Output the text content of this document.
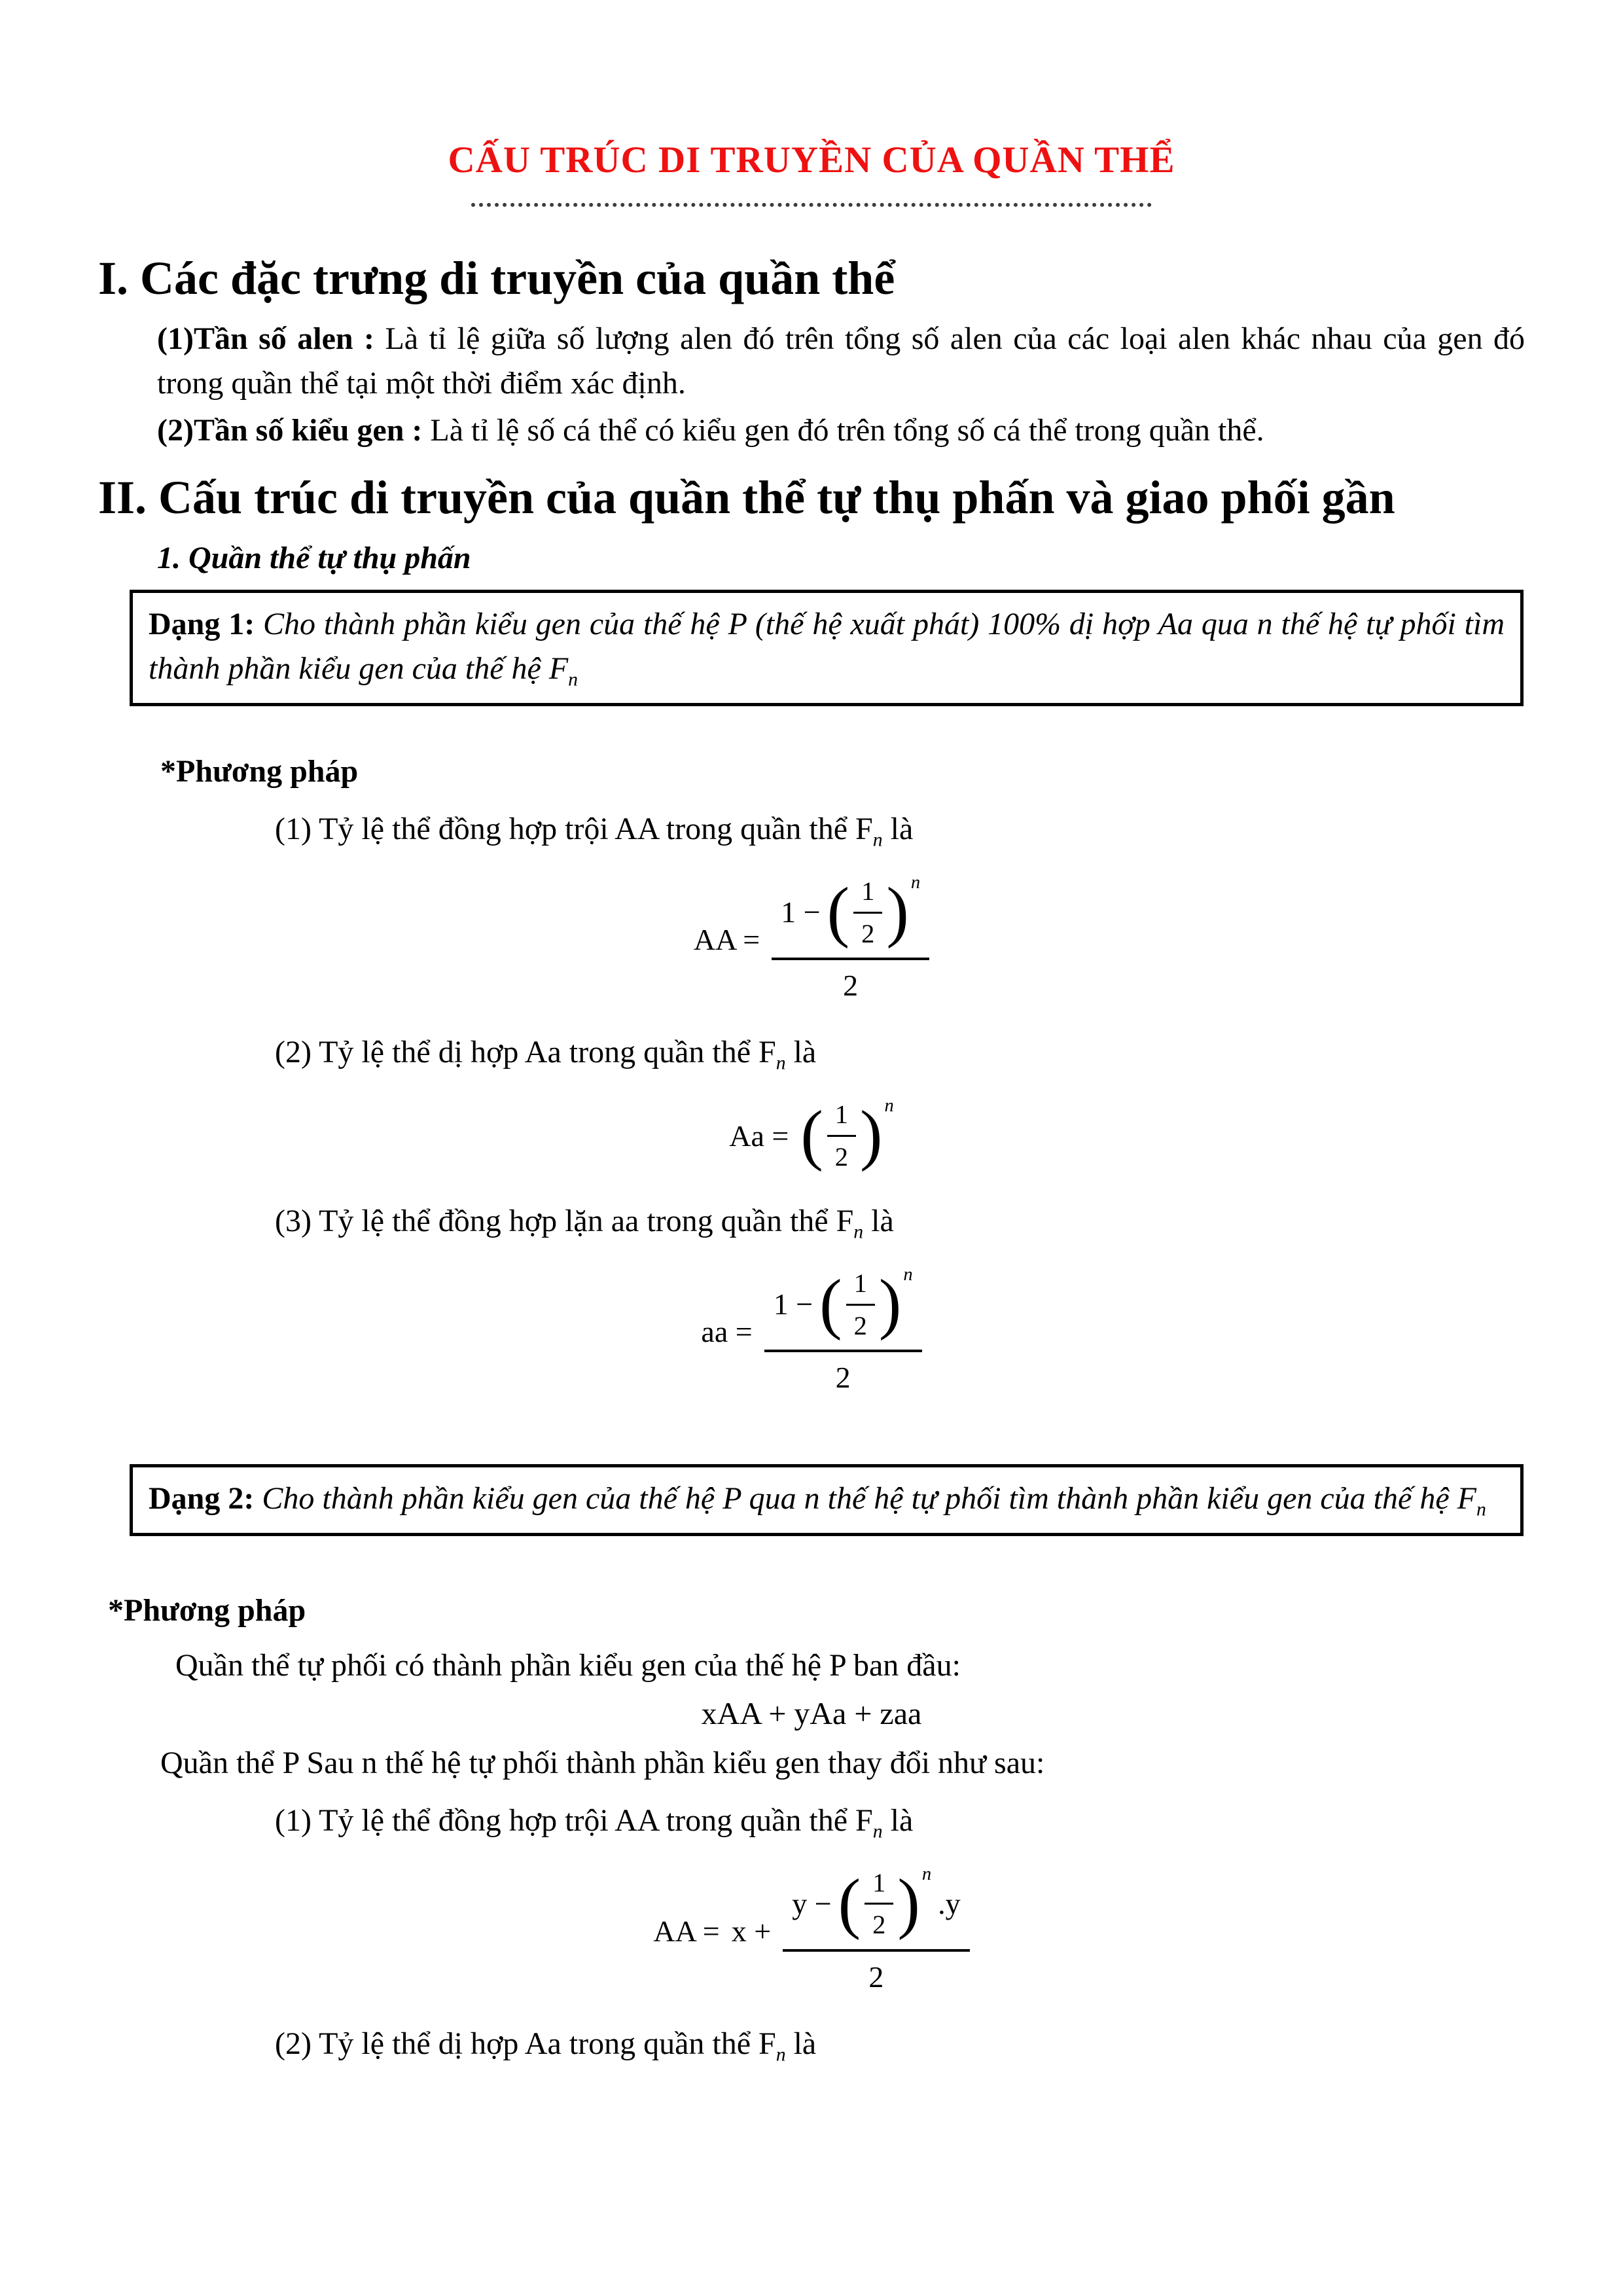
CẤU TRÚC DI TRUYỀN CỦA QUẦN THỂ
I. Các đặc trưng di truyền của quần thể

(1)Tần số alen : Là tỉ lệ giữa số lượng alen đó trên tổng số alen của các loại alen khác nhau của gen đó trong quần thể tại một thời điểm xác định.

(2)Tần số kiểu gen : Là tỉ lệ số cá thể có kiểu gen đó trên tổng số cá thể trong quần thể.

II. Cấu trúc di truyền của quần thể tự thụ phấn và giao phối gần

1. Quần thể tự thụ phấn

Dạng 1: Cho thành phần kiểu gen của thế hệ P (thế hệ xuất phát) 100% dị hợp Aa qua n thế hệ tự phối tìm thành phần kiểu gen của thế hệ $F_n$

*Phương pháp

(1) Tỷ lệ thể đồng hợp trội AA trong quần thể $F_n$ là

AA =
1 − ( $\frac{1}{2}$ ) n
2

(2) Tỷ lệ thể dị hợp Aa trong quần thể $F_n$ là

Aa = ( $\frac{1}{2}$ ) n

(3) Tỷ lệ thể đồng hợp lặn aa trong quần thể $F_n$ là

aa =
1 − ( $\frac{1}{2}$ ) n
2
Dạng 2: Cho thành phần kiểu gen của thế hệ P qua n thế hệ tự phối tìm thành phần kiểu gen của thế hệ $F_n$

*Phương pháp

Quần thể tự phối có thành phần kiểu gen của thế hệ P ban đầu:

xAA + yAa + zaa

Quần thể P Sau n thế hệ tự phối thành phần kiểu gen thay đổi như sau:

(1) Tỷ lệ thể đồng hợp trội AA trong quần thể $F_n$ là

AA = x +
y − ( $\frac{1}{2}$ ) n
.y
2

(2) Tỷ lệ thể dị hợp Aa trong quần thể $F_n$ là
